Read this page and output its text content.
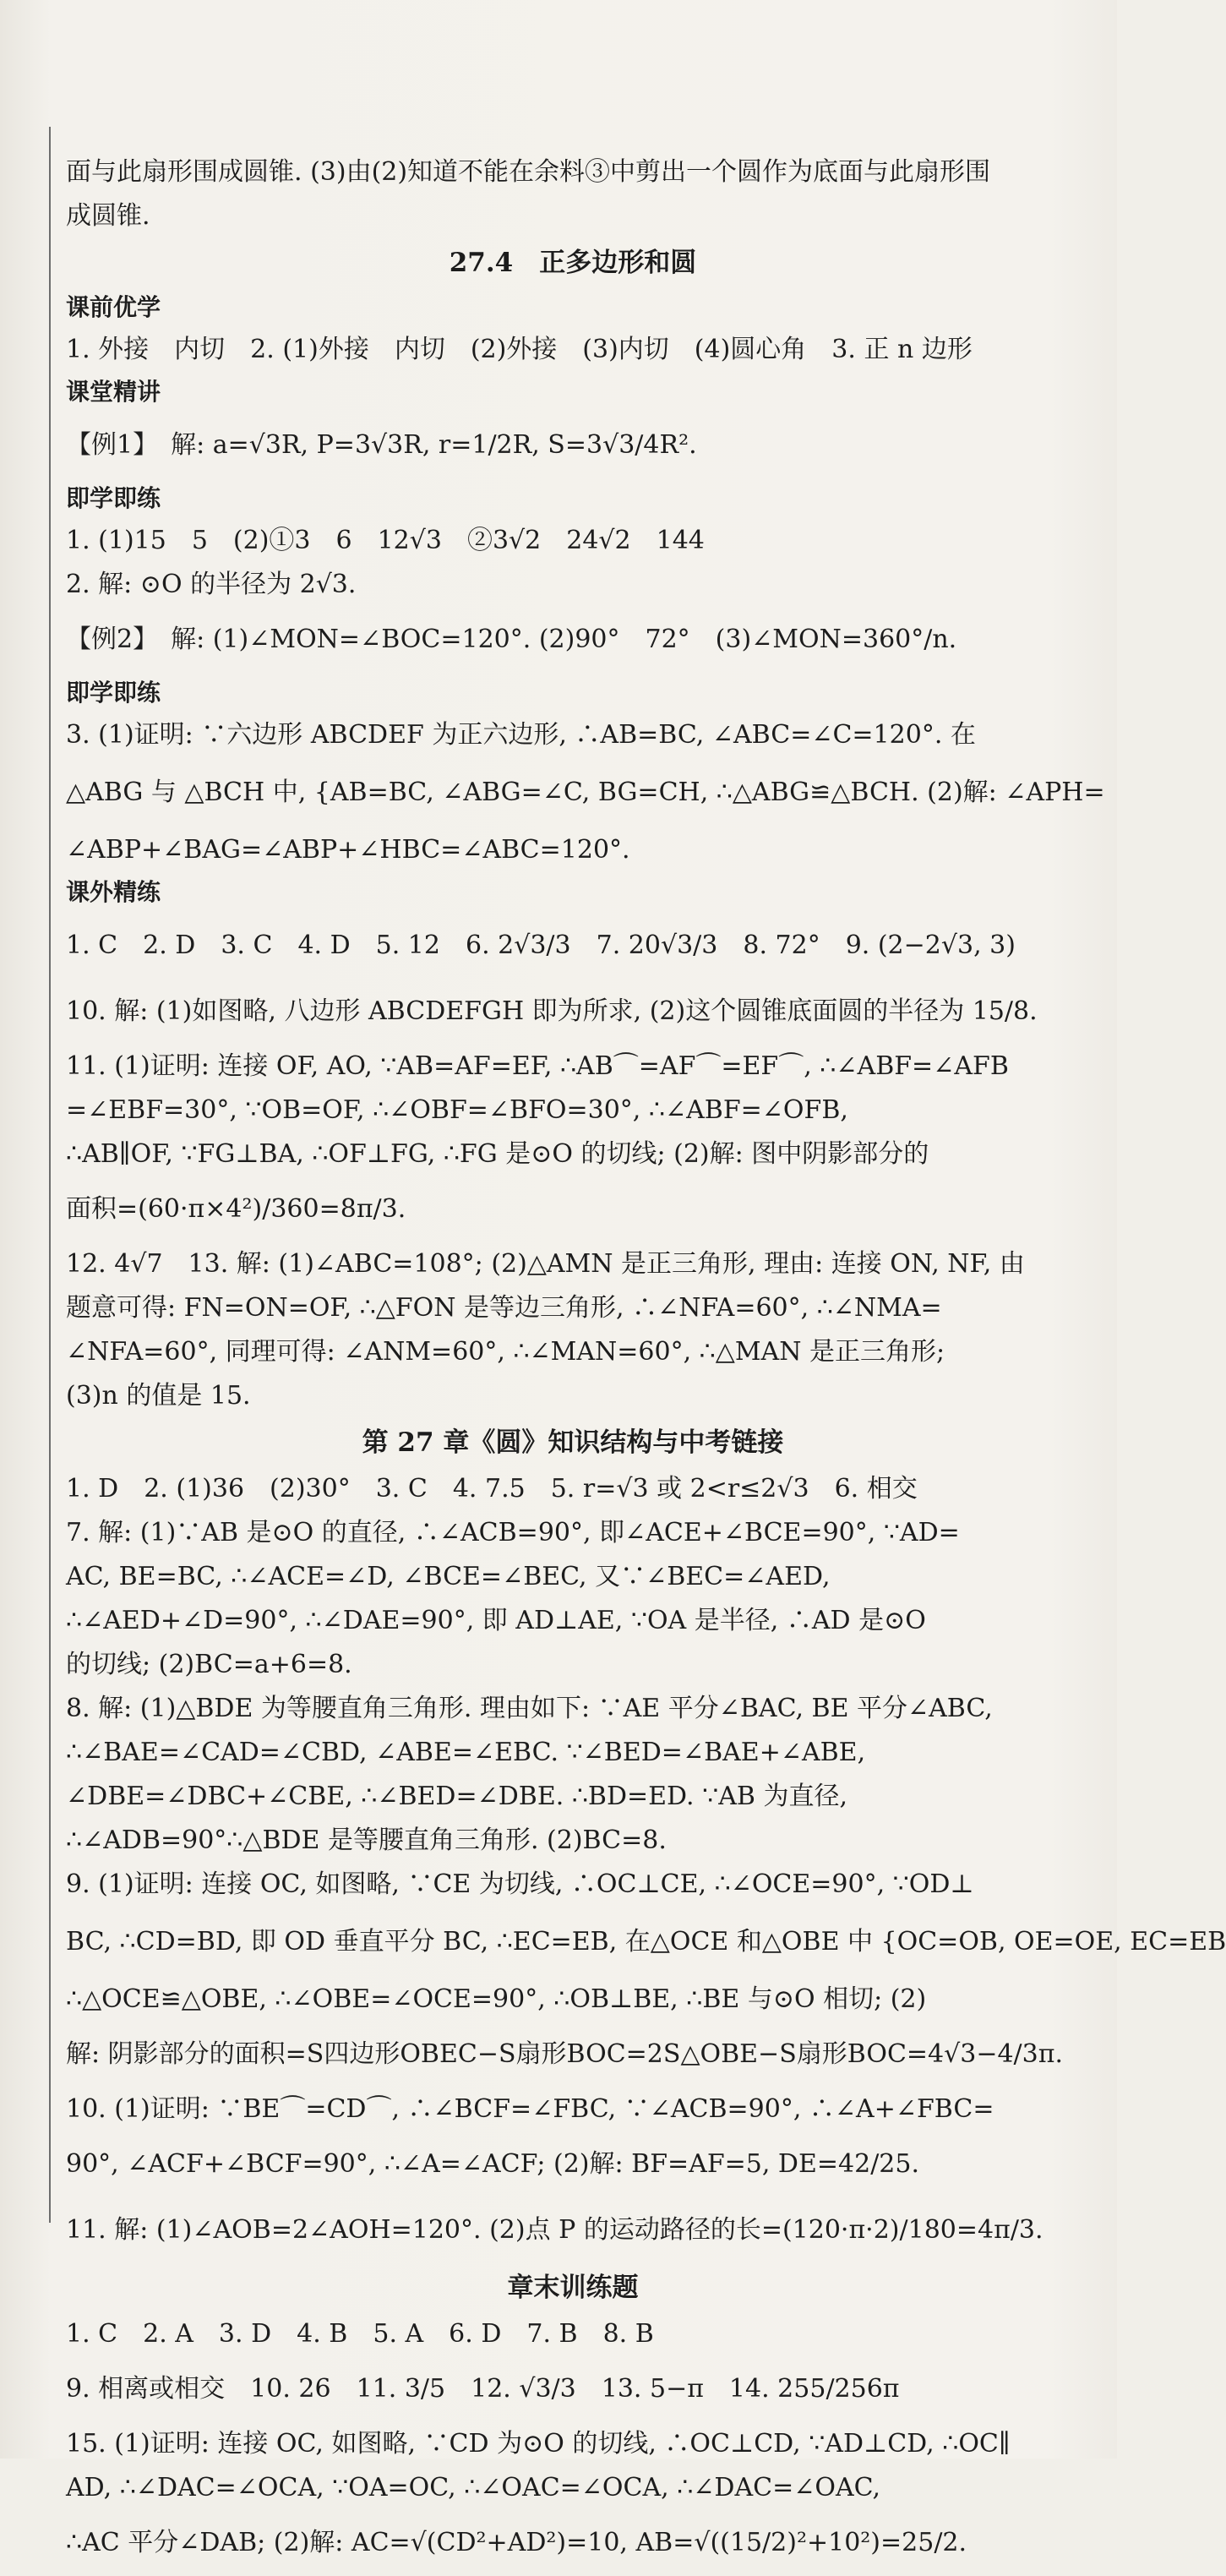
面与此扇形围成圆锥. (3)由(2)知道不能在余料③中剪出一个圆作为底面与此扇形围
成圆锥.
27.4　正多边形和圆
课前优学
1. 外接　内切　2. (1)外接　内切　(2)外接　(3)内切　(4)圆心角　3. 正 n 边形
课堂精讲
【例1】　解: a=√3R, P=3√3R, r=1/2R, S=3√3/4R².
即学即练
1. (1)15　5　(2)①3　6　12√3　②3√2　24√2　144
2. 解: ⊙O 的半径为 2√3.
【例2】　解: (1)∠MON=∠BOC=120°. (2)90°　72°　(3)∠MON=360°/n.
即学即练
3. (1)证明: ∵六边形 ABCDEF 为正六边形, ∴AB=BC, ∠ABC=∠C=120°. 在
△ABG 与 △BCH 中, {AB=BC, ∠ABG=∠C, BG=CH, ∴△ABG≌△BCH. (2)解: ∠APH=
∠ABP+∠BAG=∠ABP+∠HBC=∠ABC=120°.
课外精练
1. C　2. D　3. C　4. D　5. 12　6. 2√3/3　7. 20√3/3　8. 72°　9. (2−2√3, 3)
10. 解: (1)如图略, 八边形 ABCDEFGH 即为所求, (2)这个圆锥底面圆的半径为 15/8.
11. (1)证明: 连接 OF, AO, ∵AB=AF=EF, ∴AB⌒=AF⌒=EF⌒, ∴∠ABF=∠AFB
=∠EBF=30°, ∵OB=OF, ∴∠OBF=∠BFO=30°, ∴∠ABF=∠OFB,
∴AB∥OF, ∵FG⊥BA, ∴OF⊥FG, ∴FG 是⊙O 的切线; (2)解: 图中阴影部分的
面积=(60·π×4²)/360=8π/3.
12. 4√7　13. 解: (1)∠ABC=108°; (2)△AMN 是正三角形, 理由: 连接 ON, NF, 由
题意可得: FN=ON=OF, ∴△FON 是等边三角形, ∴∠NFA=60°, ∴∠NMA=
∠NFA=60°, 同理可得: ∠ANM=60°, ∴∠MAN=60°, ∴△MAN 是正三角形;
(3)n 的值是 15.
第 27 章《圆》知识结构与中考链接
1. D　2. (1)36　(2)30°　3. C　4. 7.5　5. r=√3 或 2<r≤2√3　6. 相交
7. 解: (1)∵AB 是⊙O 的直径, ∴∠ACB=90°, 即∠ACE+∠BCE=90°, ∵AD=
AC, BE=BC, ∴∠ACE=∠D, ∠BCE=∠BEC, 又∵∠BEC=∠AED,
∴∠AED+∠D=90°, ∴∠DAE=90°, 即 AD⊥AE, ∵OA 是半径, ∴AD 是⊙O
的切线; (2)BC=a+6=8.
8. 解: (1)△BDE 为等腰直角三角形. 理由如下: ∵AE 平分∠BAC, BE 平分∠ABC,
∴∠BAE=∠CAD=∠CBD, ∠ABE=∠EBC. ∵∠BED=∠BAE+∠ABE,
∠DBE=∠DBC+∠CBE, ∴∠BED=∠DBE. ∴BD=ED. ∵AB 为直径,
∴∠ADB=90°∴△BDE 是等腰直角三角形. (2)BC=8.
9. (1)证明: 连接 OC, 如图略, ∵CE 为切线, ∴OC⊥CE, ∴∠OCE=90°, ∵OD⊥
BC, ∴CD=BD, 即 OD 垂直平分 BC, ∴EC=EB, 在△OCE 和△OBE 中 {OC=OB, OE=OE, EC=EB
∴△OCE≌△OBE, ∴∠OBE=∠OCE=90°, ∴OB⊥BE, ∴BE 与⊙O 相切; (2)
解: 阴影部分的面积=S四边形OBEC−S扇形BOC=2S△OBE−S扇形BOC=4√3−4/3π.
10. (1)证明: ∵BE⌒=CD⌒, ∴∠BCF=∠FBC, ∵∠ACB=90°, ∴∠A+∠FBC=
90°, ∠ACF+∠BCF=90°, ∴∠A=∠ACF; (2)解: BF=AF=5, DE=42/25.
11. 解: (1)∠AOB=2∠AOH=120°. (2)点 P 的运动路径的长=(120·π·2)/180=4π/3.
章末训练题
1. C　2. A　3. D　4. B　5. A　6. D　7. B　8. B
9. 相离或相交　10. 26　11. 3/5　12. √3/3　13. 5−π　14. 255/256π
15. (1)证明: 连接 OC, 如图略, ∵CD 为⊙O 的切线, ∴OC⊥CD, ∵AD⊥CD, ∴OC∥
AD, ∴∠DAC=∠OCA, ∵OA=OC, ∴∠OAC=∠OCA, ∴∠DAC=∠OAC,
∴AC 平分∠DAB; (2)解: AC=√(CD²+AD²)=10, AB=√((15/2)²+10²)=25/2.
